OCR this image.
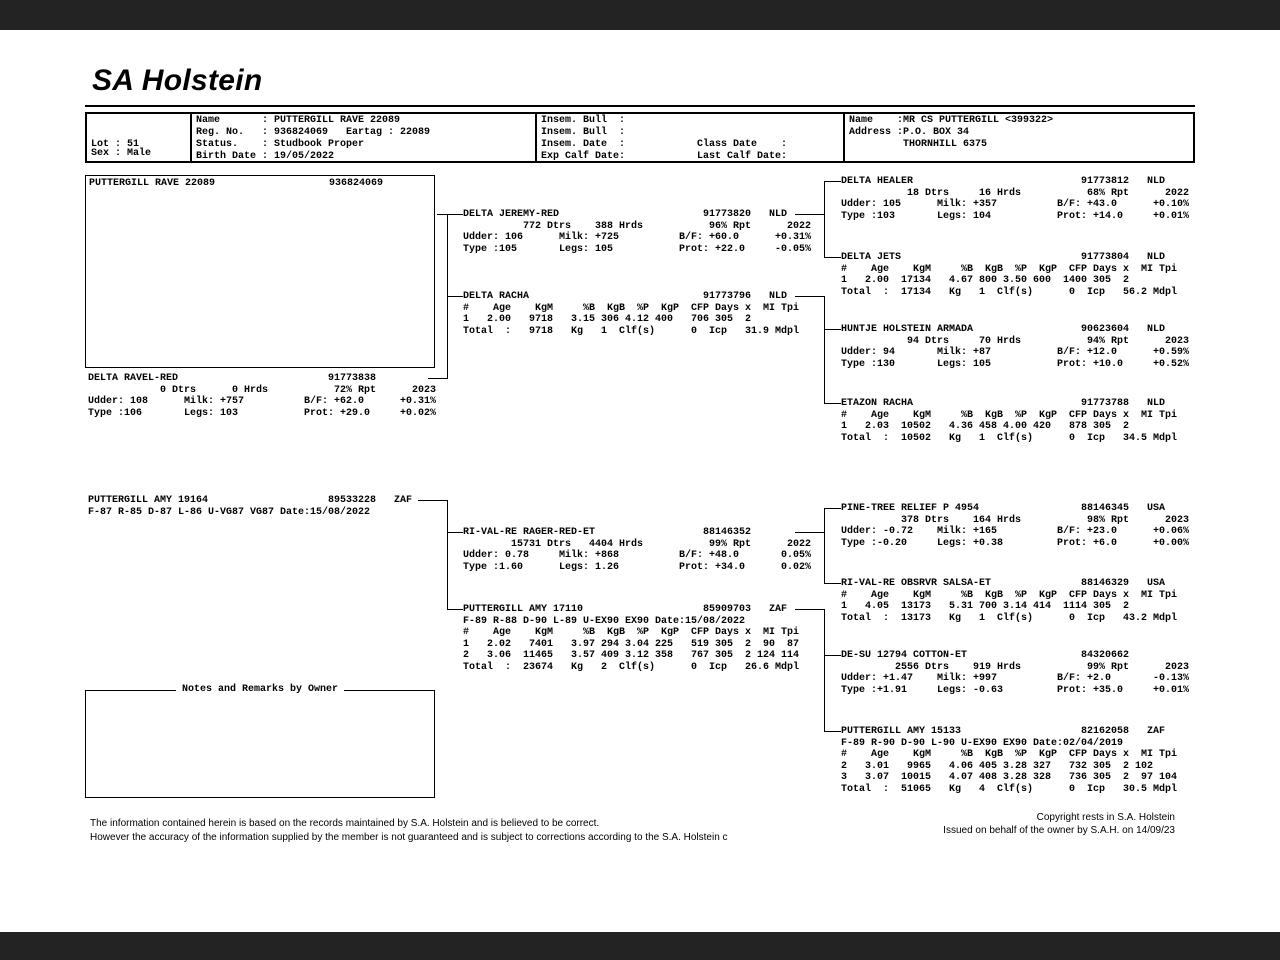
SA Holstein

Lot : 51

Sex : Male

Name       : PUTTERGILL RAVE 22089
Reg. No.   : 936824069   Eartag : 22089
Status.    : Studbook Proper
Birth Date : 19/05/2022
Insem. Bull  :
Insem. Bull  :
Insem. Date  :            Class Date    :
Exp Calf Date:            Last Calf Date:
Name    :MR CS PUTTERGILL <399322>
Address :P.O. BOX 34
THORNHILL 6375
PUTTERGILL RAVE 22089                   936824069
DELTA RAVEL-RED                         91773838
0 Dtrs      0 Hrds           72% Rpt      2023
Udder: 108      Milk: +757          B/F: +62.0      +0.31%
Type :106       Legs: 103           Prot: +29.0     +0.02%
PUTTERGILL AMY 19164                    89533228   ZAF
F-87 R-85 D-87 L-86 U-VG87 VG87 Date:15/08/2022
Notes and Remarks by Owner
DELTA JEREMY-RED                        91773820   NLD
772 Dtrs    388 Hrds           96% Rpt      2022
Udder: 106      Milk: +725          B/F: +60.0      +0.31%
Type :105       Legs: 105           Prot: +22.0     -0.05%
DELTA RACHA                             91773796   NLD
#    Age    KgM     %B  KgB  %P  KgP  CFP Days x  MI Tpi
1   2.00   9718   3.15 306 4.12 400   706 305  2
Total  :   9718   Kg   1  Clf(s)      0  Icp   31.9 Mdpl
RI-VAL-RE RAGER-RED-ET                  88146352
15731 Dtrs   4404 Hrds           99% Rpt      2022
Udder: 0.78     Milk: +868          B/F: +48.0       0.05%
Type :1.60      Legs: 1.26          Prot: +34.0      0.02%
PUTTERGILL AMY 17110                    85909703   ZAF
F-89 R-88 D-90 L-89 U-EX90 EX90 Date:15/08/2022
#    Age    KgM     %B  KgB  %P  KgP  CFP Days x  MI Tpi
1   2.02   7401   3.97 294 3.04 225   519 305  2  90  87
2   3.06  11465   3.57 409 3.12 358   767 305  2 124 114
Total  :  23674   Kg   2  Clf(s)      0  Icp   26.6 Mdpl
DELTA HEALER                            91773812   NLD
18 Dtrs     16 Hrds           68% Rpt      2022
Udder: 105      Milk: +357          B/F: +43.0      +0.10%
Type :103       Legs: 104           Prot: +14.0     +0.01%
DELTA JETS                              91773804   NLD
#    Age    KgM     %B  KgB  %P  KgP  CFP Days x  MI Tpi
1   2.00  17134   4.67 800 3.50 600  1400 305  2
Total  :  17134   Kg   1  Clf(s)      0  Icp   56.2 Mdpl
HUNTJE HOLSTEIN ARMADA                  90623604   NLD
94 Dtrs     70 Hrds           94% Rpt      2023
Udder: 94       Milk: +87           B/F: +12.0      +0.59%
Type :130       Legs: 105           Prot: +10.0     +0.52%
ETAZON RACHA                            91773788   NLD
#    Age    KgM     %B  KgB  %P  KgP  CFP Days x  MI Tpi
1   2.03  10502   4.36 458 4.00 420   878 305  2
Total  :  10502   Kg   1  Clf(s)      0  Icp   34.5 Mdpl
PINE-TREE RELIEF P 4954                 88146345   USA
378 Dtrs    164 Hrds           98% Rpt      2023
Udder: -0.72    Milk: +165          B/F: +23.0      +0.06%
Type :-0.20     Legs: +0.38         Prot: +6.0      +0.00%
RI-VAL-RE OBSRVR SALSA-ET               88146329   USA
#    Age    KgM     %B  KgB  %P  KgP  CFP Days x  MI Tpi
1   4.05  13173   5.31 700 3.14 414  1114 305  2
Total  :  13173   Kg   1  Clf(s)      0  Icp   43.2 Mdpl
DE-SU 12794 COTTON-ET                   84320662
2556 Dtrs    919 Hrds           99% Rpt      2023
Udder: +1.47    Milk: +997          B/F: +2.0       -0.13%
Type :+1.91     Legs: -0.63         Prot: +35.0     +0.01%
PUTTERGILL AMY 15133                    82162058   ZAF
F-89 R-90 D-90 L-90 U-EX90 EX90 Date:02/04/2019
#    Age    KgM     %B  KgB  %P  KgP  CFP Days x  MI Tpi
2   3.01   9965   4.06 405 3.28 327   732 305  2 102
3   3.07  10015   4.07 408 3.28 328   736 305  2  97 104
Total  :  51065   Kg   4  Clf(s)      0  Icp   30.5 Mdpl
The information contained herein is based on the records maintained by S.A. Holstein and is believed to be correct.
However the accuracy of the information supplied by the member is not guaranteed and is subject to corrections according to the S.A. Holstein c
Copyright rests in S.A. Holstein
Issued on behalf of the owner by S.A.H. on 14/09/23
